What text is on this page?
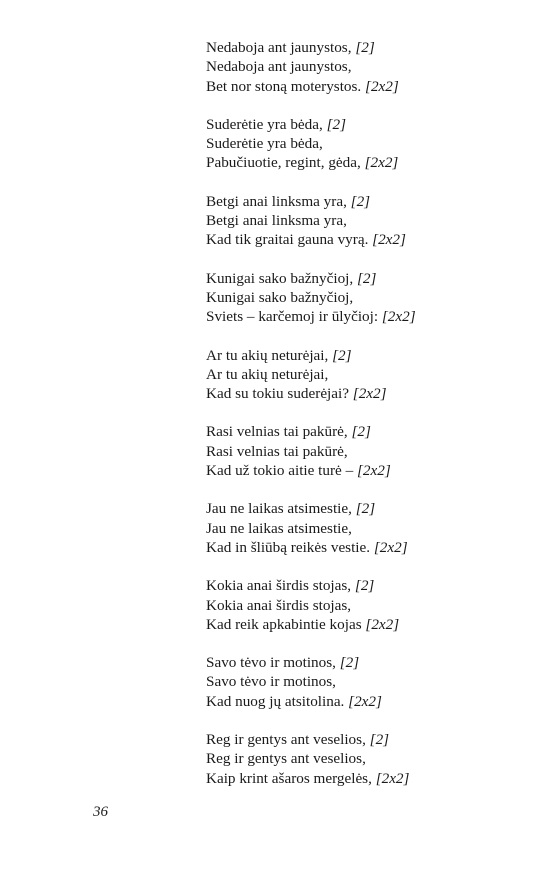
Nedaboja ant jaunystos, [2]
Nedaboja ant jaunystos,
Bet nor stoną moterystos. [2x2]
Suderėtie yra bėda, [2]
Suderėtie yra bėda,
Pabučiuotie, regint, gėda, [2x2]
Betgi anai linksma yra, [2]
Betgi anai linksma yra,
Kad tik graitai gauna vyrą. [2x2]
Kunigai sako bažnyčioj, [2]
Kunigai sako bažnyčioj,
Sviets – karčemoj ir ūlyčioj: [2x2]
Ar tu akių neturėjai, [2]
Ar tu akių neturėjai,
Kad su tokiu suderėjai? [2x2]
Rasi velnias tai pakūrė, [2]
Rasi velnias tai pakūrė,
Kad už tokio aitie turė – [2x2]
Jau ne laikas atsimestie, [2]
Jau ne laikas atsimestie,
Kad in šliūbą reikės vestie. [2x2]
Kokia anai širdis stojas, [2]
Kokia anai širdis stojas,
Kad reik apkabintie kojas [2x2]
Savo tėvo ir motinos, [2]
Savo tėvo ir motinos,
Kad nuog jų atsitolina. [2x2]
Reg ir gentys ant veselios, [2]
Reg ir gentys ant veselios,
Kaip krint ašaros mergelės, [2x2]
36
